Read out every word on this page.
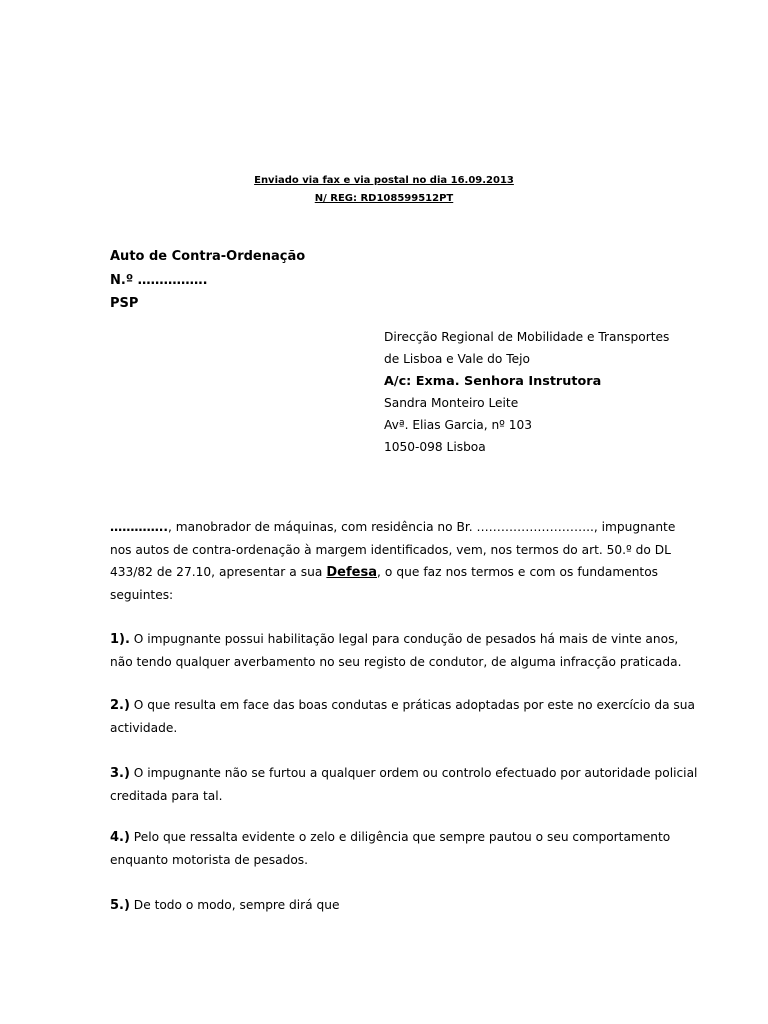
Enviado via fax e via postal no dia 16.09.2013
N/ REG: RD108599512PT
Auto de Contra-Ordenação
N.º …………….
PSP
Direcção Regional de Mobilidade e Transportes
de Lisboa e Vale do Tejo
A/c: Exma. Senhora Instrutora
Sandra Monteiro Leite
Avª. Elias Garcia, nº 103
1050-098 Lisboa
………….., manobrador de máquinas, com residência no Br. ……………………….., impugnante
nos autos de contra-ordenação à margem identificados, vem, nos termos do art. 50.º do DL
433/82 de 27.10, apresentar a sua Defesa, o que faz nos termos e com os fundamentos
seguintes:
1). O impugnante possui habilitação legal para condução de pesados há mais de vinte anos,
não tendo qualquer averbamento no seu registo de condutor, de alguma infracção praticada.
2.) O que resulta em face das boas condutas e práticas adoptadas por este no exercício da sua
actividade.
3.) O impugnante não se furtou a qualquer ordem ou controlo efectuado por autoridade policial
creditada para tal.
4.) Pelo que ressalta evidente o zelo e diligência que sempre pautou o seu comportamento
enquanto motorista de pesados.
5.) De todo o modo, sempre dirá que
